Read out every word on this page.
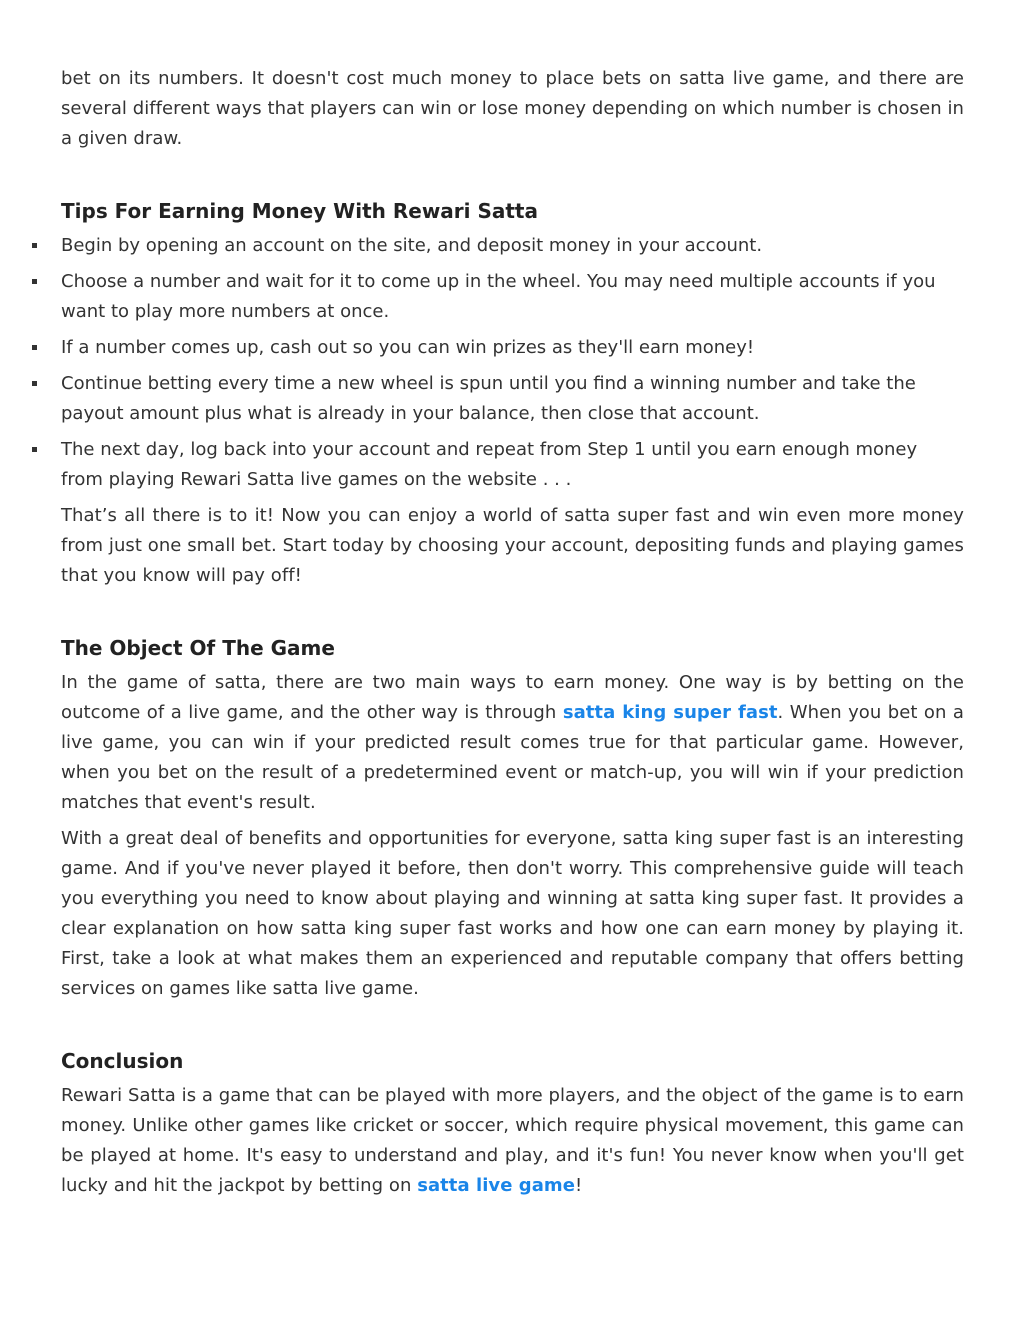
bet on its numbers. It doesn't cost much money to place bets on satta live game, and there are several different ways that players can win or lose money depending on which number is chosen in a given draw.

Tips For Earning Money With Rewari Satta
Begin by opening an account on the site, and deposit money in your account.
Choose a number and wait for it to come up in the wheel. You may need multiple accounts if you want to play more numbers at once.
If a number comes up, cash out so you can win prizes as they'll earn money!
Continue betting every time a new wheel is spun until you find a winning number and take the payout amount plus what is already in your balance, then close that account.
The next day, log back into your account and repeat from Step 1 until you earn enough money from playing Rewari Satta live games on the website . . .

That’s all there is to it! Now you can enjoy a world of satta super fast and win even more money from just one small bet. Start today by choosing your account, depositing funds and playing games that you know will pay off!

The Object Of The Game

In the game of satta, there are two main ways to earn money. One way is by betting on the outcome of a live game, and the other way is through satta king super fast. When you bet on a live game, you can win if your predicted result comes true for that particular game. However, when you bet on the result of a predetermined event or match-up, you will win if your prediction matches that event's result.

With a great deal of benefits and opportunities for everyone, satta king super fast is an interesting game. And if you've never played it before, then don't worry. This comprehensive guide will teach you everything you need to know about playing and winning at satta king super fast. It provides a clear explanation on how satta king super fast works and how one can earn money by playing it. First, take a look at what makes them an experienced and reputable company that offers betting services on games like satta live game.

Conclusion

Rewari Satta is a game that can be played with more players, and the object of the game is to earn money. Unlike other games like cricket or soccer, which require physical movement, this game can be played at home. It's easy to understand and play, and it's fun! You never know when you'll get lucky and hit the jackpot by betting on satta live game!
